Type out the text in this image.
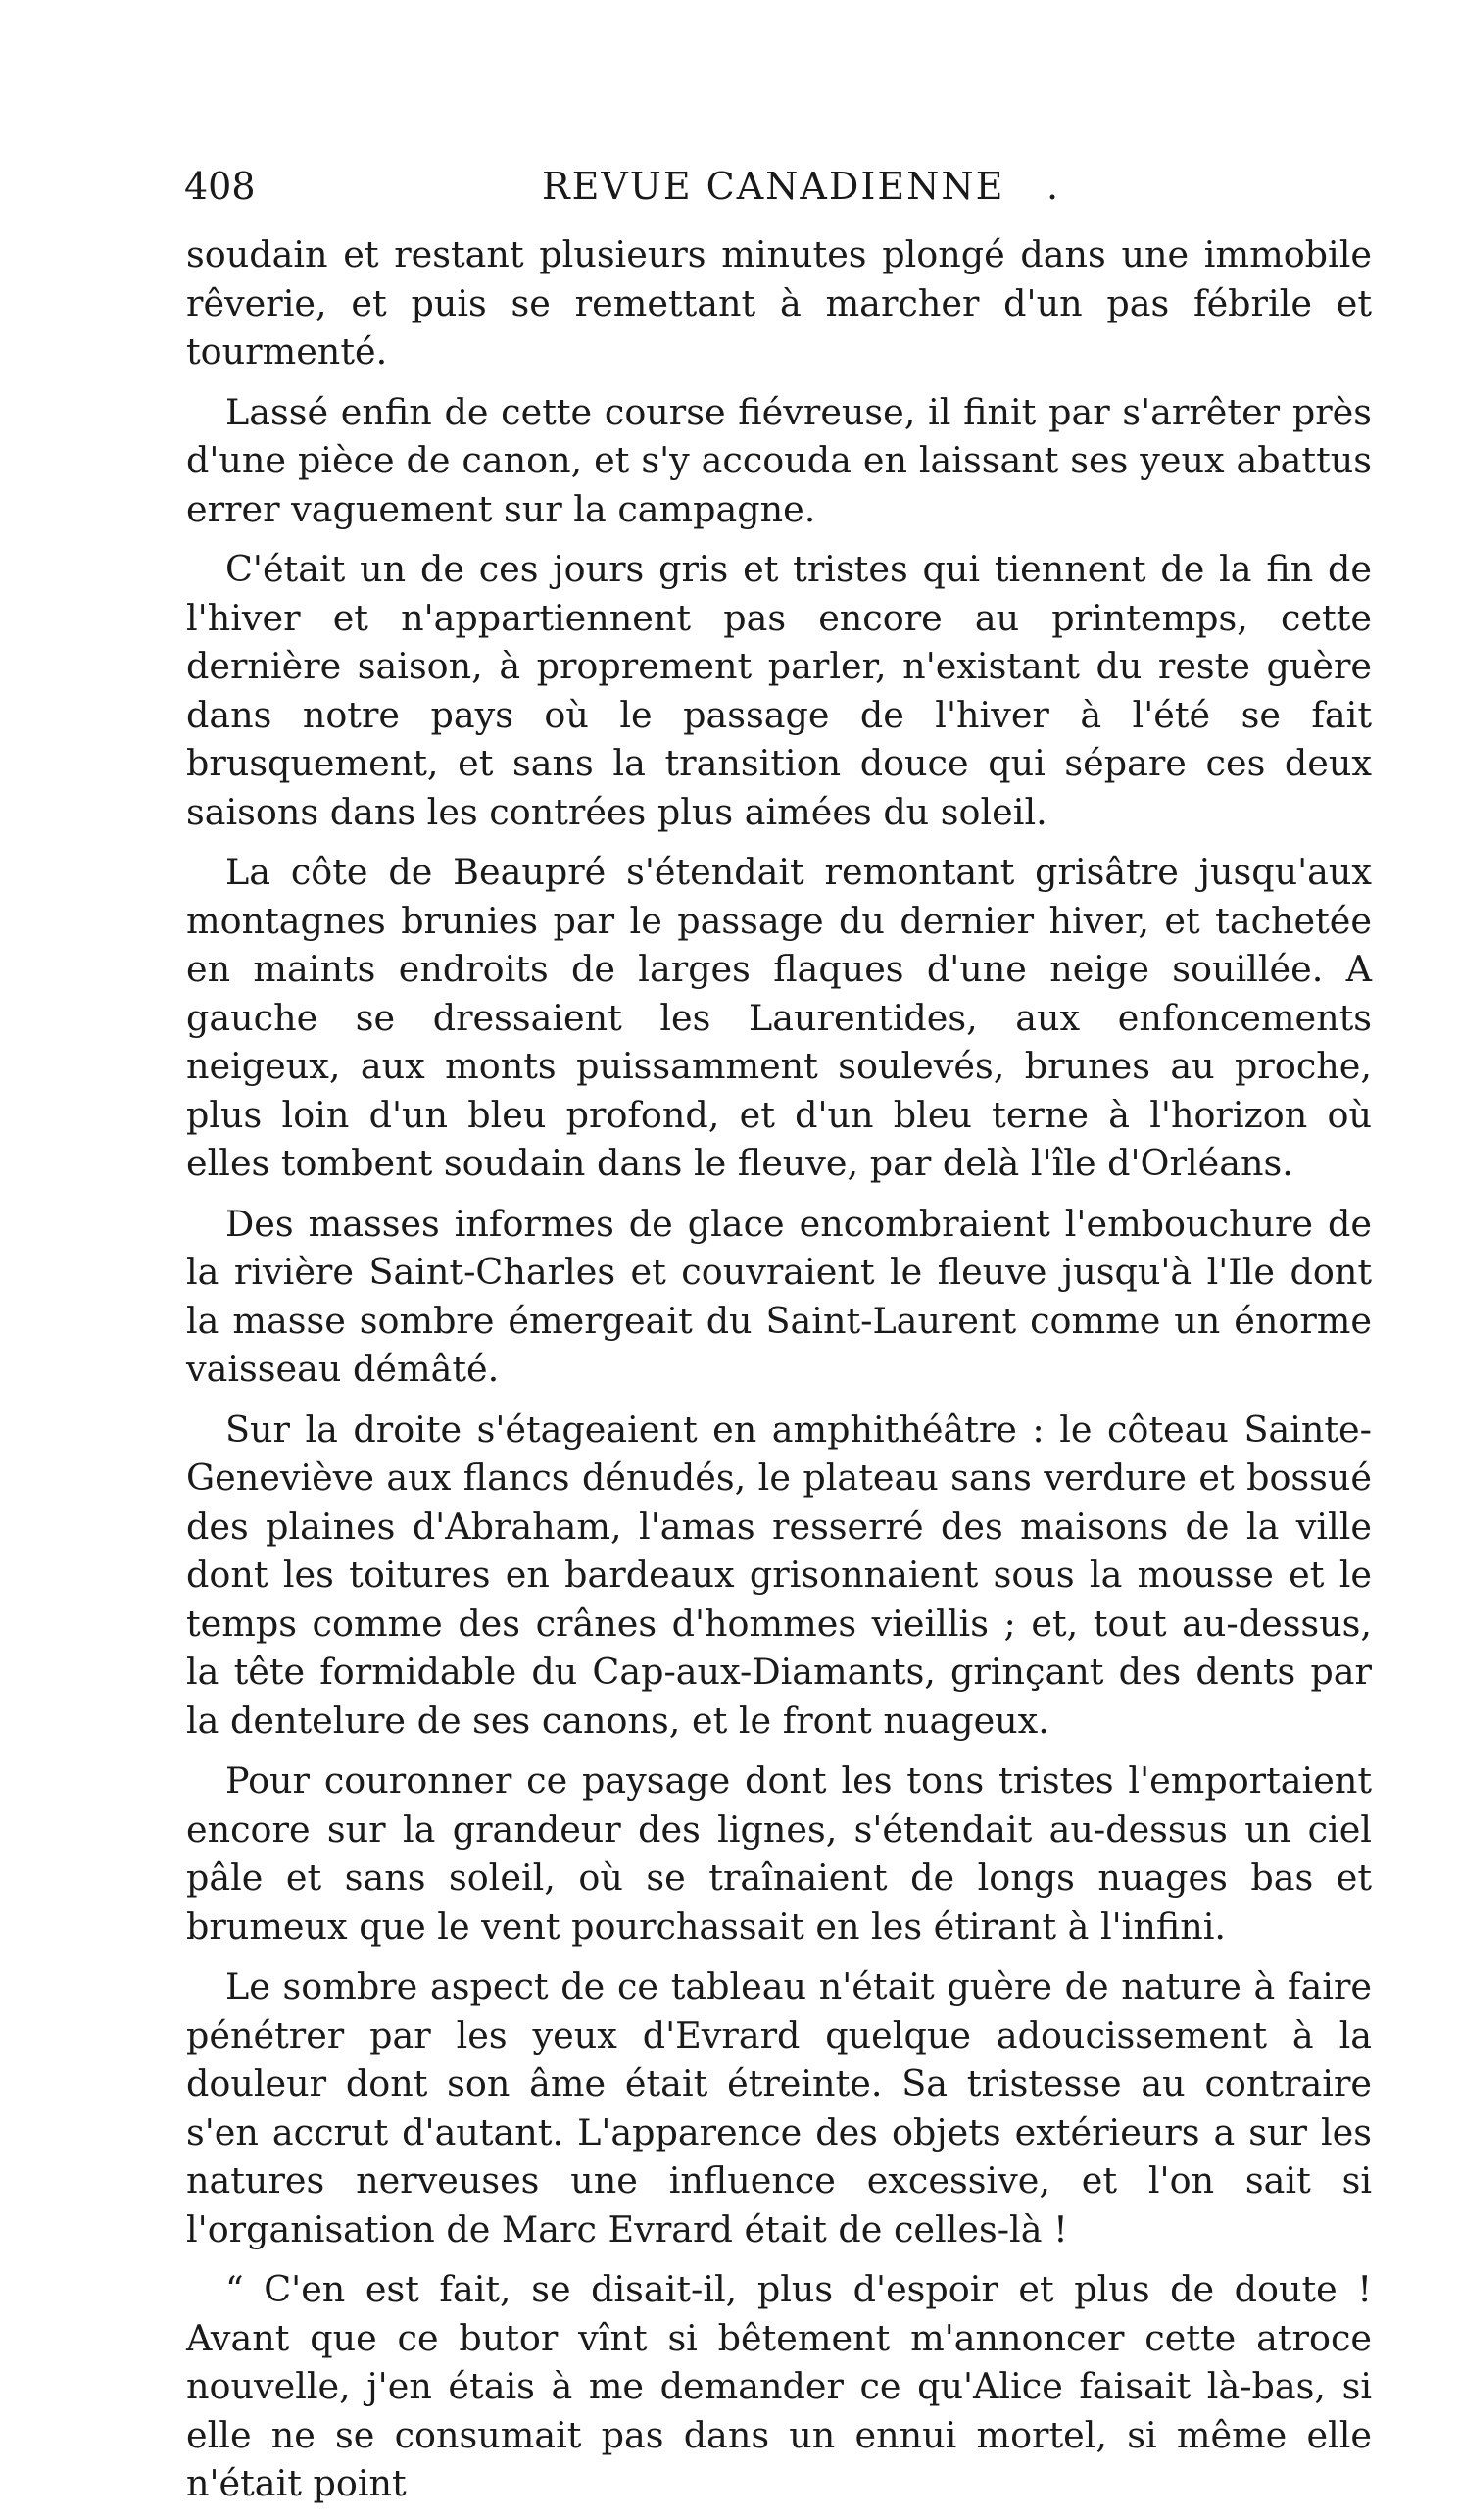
408	REVUE CANADIENNE .

soudain et restant plusieurs minutes plongé dans une immobile rêverie, et puis se remettant à marcher d'un pas fébrile et tourmenté.

Lassé enfin de cette course fiévreuse, il finit par s'arrêter près d'une pièce de canon, et s'y accouda en laissant ses yeux abattus errer vaguement sur la campagne.

C'était un de ces jours gris et tristes qui tiennent de la fin de l'hiver et n'appartiennent pas encore au printemps, cette dernière saison, à proprement parler, n'existant du reste guère dans notre pays où le passage de l'hiver à l'été se fait brusquement, et sans la transition douce qui sépare ces deux saisons dans les contrées plus aimées du soleil.

La côte de Beaupré s'étendait remontant grisâtre jusqu'aux montagnes brunies par le passage du dernier hiver, et tachetée en maints endroits de larges flaques d'une neige souillée. A gauche se dressaient les Laurentides, aux enfoncements neigeux, aux monts puissamment soulevés, brunes au proche, plus loin d'un bleu profond, et d'un bleu terne à l'horizon où elles tombent soudain dans le fleuve, par delà l'île d'Orléans.

Des masses informes de glace encombraient l'embouchure de la rivière Saint-Charles et couvraient le fleuve jusqu'à l'Ile dont la masse sombre émergeait du Saint-Laurent comme un énorme vaisseau démâté.

Sur la droite s'étageaient en amphithéâtre : le côteau Sainte-Geneviève aux flancs dénudés, le plateau sans verdure et bossué des plaines d'Abraham, l'amas resserré des maisons de la ville dont les toitures en bardeaux grisonnaient sous la mousse et le temps comme des crânes d'hommes vieillis ; et, tout au-dessus, la tête formidable du Cap-aux-Diamants, grinçant des dents par la dentelure de ses canons, et le front nuageux.

Pour couronner ce paysage dont les tons tristes l'emportaient encore sur la grandeur des lignes, s'étendait au-dessus un ciel pâle et sans soleil, où se traînaient de longs nuages bas et brumeux que le vent pourchassait en les étirant à l'infini.

Le sombre aspect de ce tableau n'était guère de nature à faire pénétrer par les yeux d'Evrard quelque adoucissement à la douleur dont son âme était étreinte. Sa tristesse au contraire s'en accrut d'autant. L'apparence des objets extérieurs a sur les natures nerveuses une influence excessive, et l'on sait si l'organisation de Marc Evrard était de celles-là !

“ C'en est fait, se disait-il, plus d'espoir et plus de doute ! Avant que ce butor vînt si bêtement m'annoncer cette atroce nouvelle, j'en étais à me demander ce qu'Alice faisait là-bas, si elle ne se consumait pas dans un ennui mortel, si même elle n'était point
